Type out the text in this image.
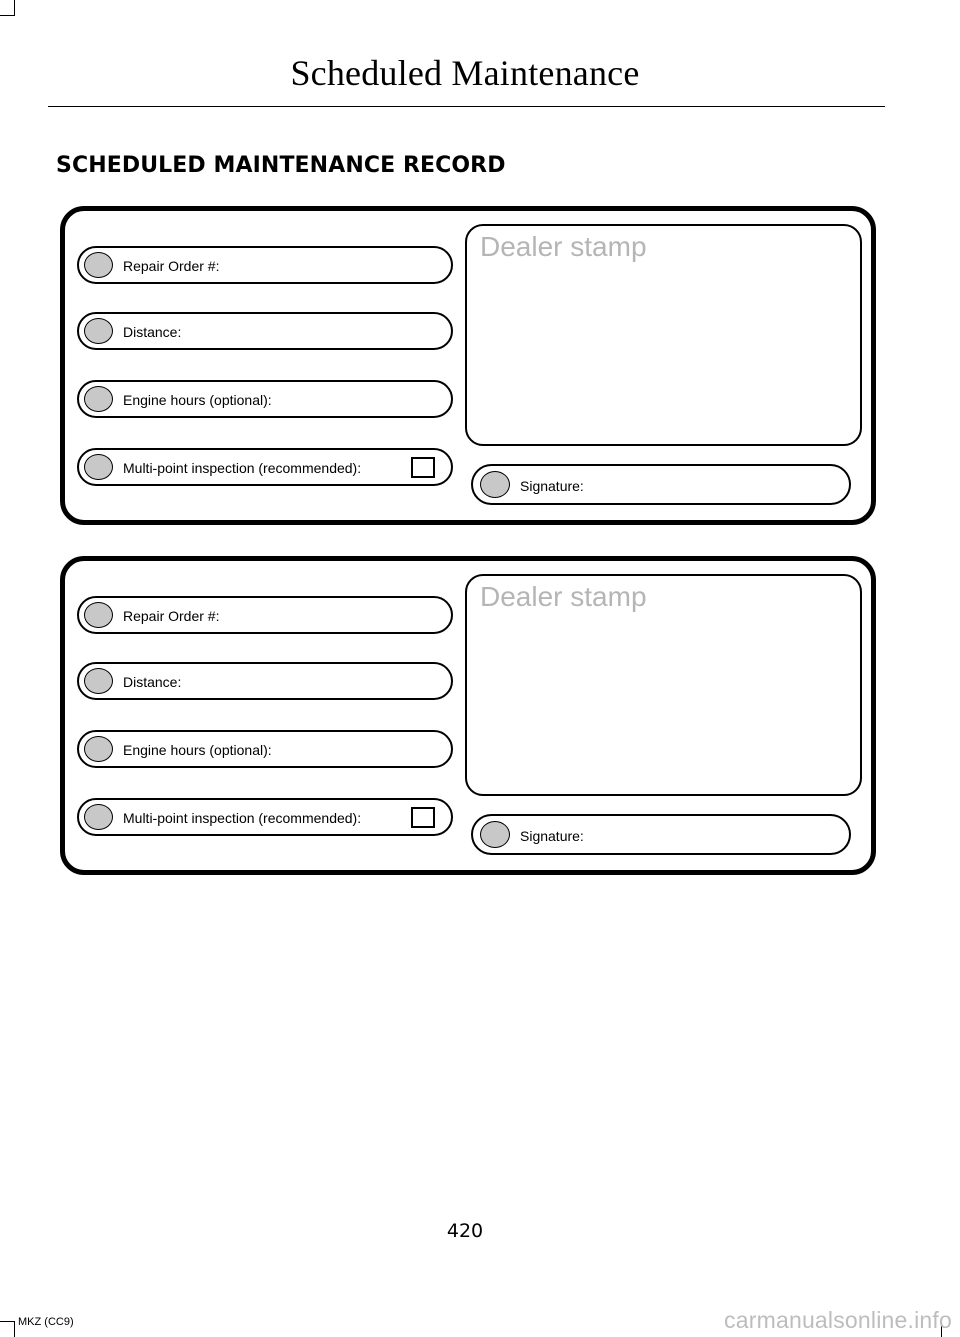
Scheduled Maintenance
SCHEDULED MAINTENANCE RECORD
Repair Order #:
Distance:
Engine hours (optional):
Multi-point inspection (recommended):
Dealer stamp
Signature:
Repair Order #:
Distance:
Engine hours (optional):
Multi-point inspection (recommended):
Dealer stamp
Signature:
420
MKZ (CC9)	carmanualsonline.info
